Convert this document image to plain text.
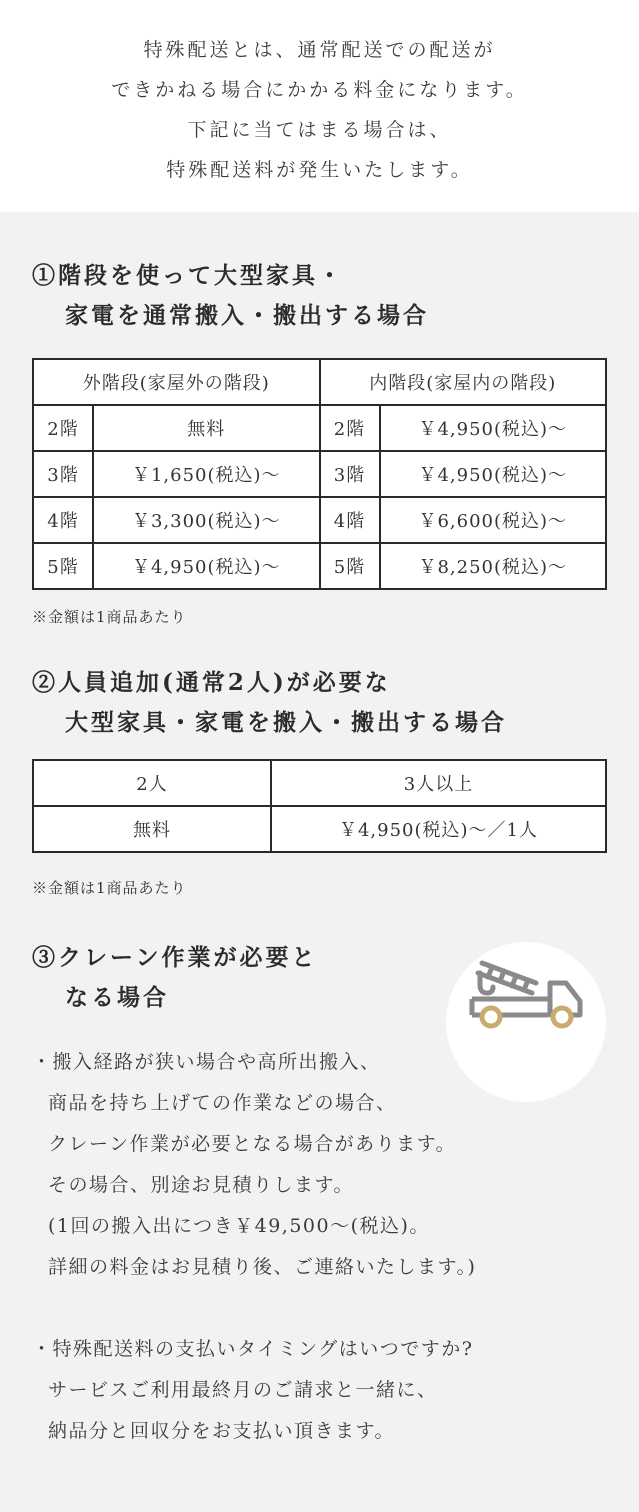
特殊配送とは、通常配送での配送が

できかねる場合にかかる料金になります。

下記に当てはまる場合は、

特殊配送料が発生いたします。

①階段を使って大型家具・
家電を通常搬入・搬出する場合
外階段(家屋外の階段)		内階段(家屋内の階段)	
2階	無料	2階	￥4,950(税込)～
3階	￥1,650(税込)～	3階	￥4,950(税込)～
4階	￥3,300(税込)～	4階	￥6,600(税込)～
5階	￥4,950(税込)～	5階	￥8,250(税込)～
※金額は1商品あたり
②人員追加(通常2人)が必要な
大型家具・家電を搬入・搬出する場合
2人	3人以上
無料	￥4,950(税込)～／1人
※金額は1商品あたり
③クレーン作業が必要と
なる場合

・搬入経路が狭い場合や高所出搬入、

商品を持ち上げての作業などの場合、

クレーン作業が必要となる場合があります。

その場合、別途お見積りします。

(1回の搬入出につき￥49,500～(税込)。

詳細の料金はお見積り後、ご連絡いたします。)

・特殊配送料の支払いタイミングはいつですか?

サービスご利用最終月のご請求と一緒に、

納品分と回収分をお支払い頂きます。
